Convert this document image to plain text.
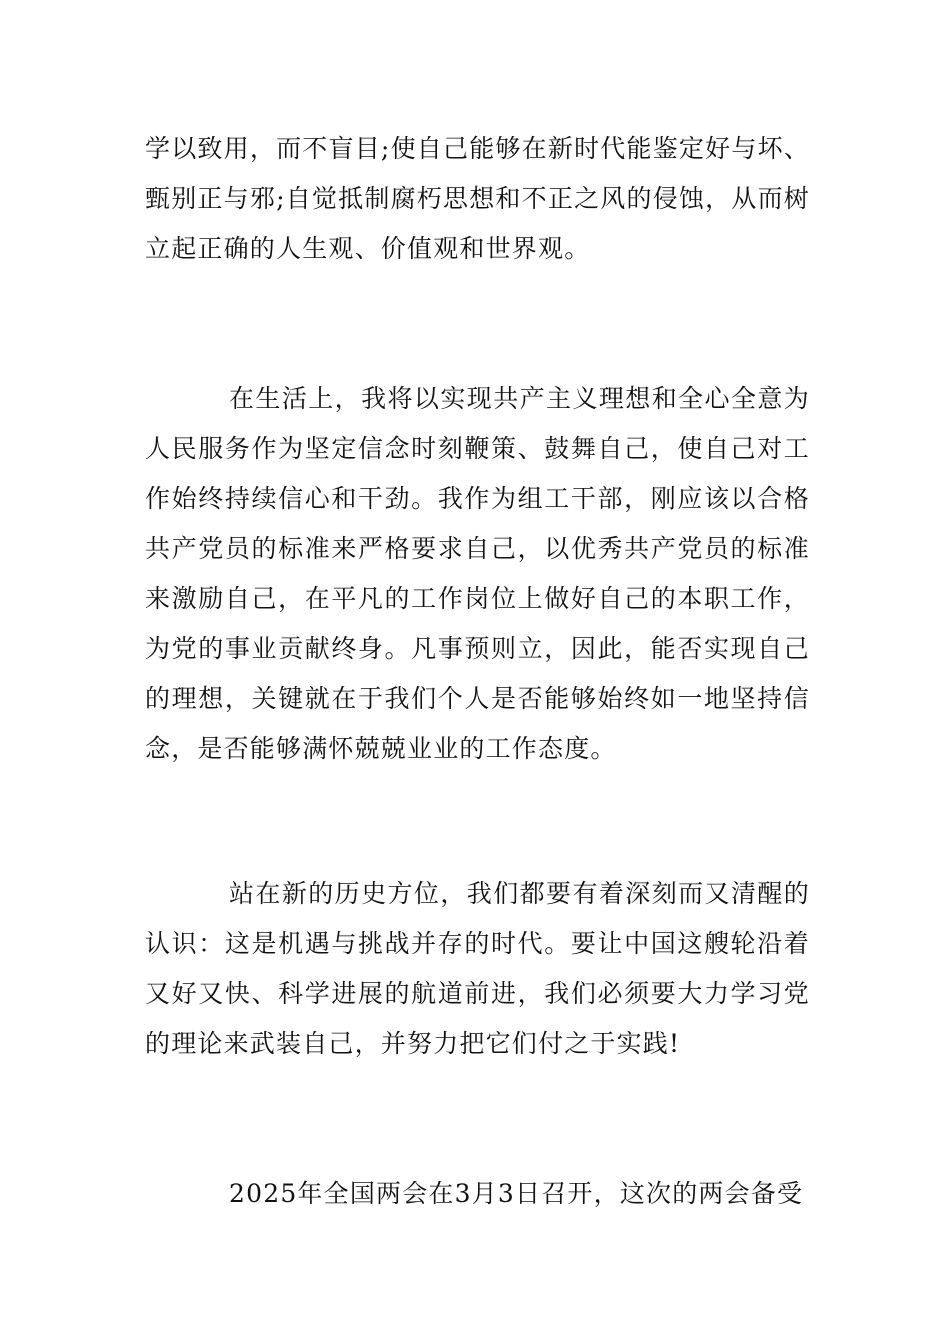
学以致用，而不盲目;使自己能够在新时代能鉴定好与坏、甄别正与邪;自觉抵制腐朽思想和不正之风的侵蚀，从而树立起正确的人生观、价值观和世界观。

在生活上，我将以实现共产主义理想和全心全意为人民服务作为坚定信念时刻鞭策、鼓舞自己，使自己对工作始终持续信心和干劲。我作为组工干部，刚应该以合格共产党员的标准来严格要求自己，以优秀共产党员的标准来激励自己，在平凡的工作岗位上做好自己的本职工作，为党的事业贡献终身。凡事预则立，因此，能否实现自己的理想，关键就在于我们个人是否能够始终如一地坚持信念，是否能够满怀兢兢业业的工作态度。

站在新的历史方位，我们都要有着深刻而又清醒的认识：这是机遇与挑战并存的时代。要让中国这艘轮沿着又好又快、科学进展的航道前进，我们必须要大力学习党的理论来武装自己，并努力把它们付之于实践!

2025年全国两会在3月3日召开，这次的两会备受
